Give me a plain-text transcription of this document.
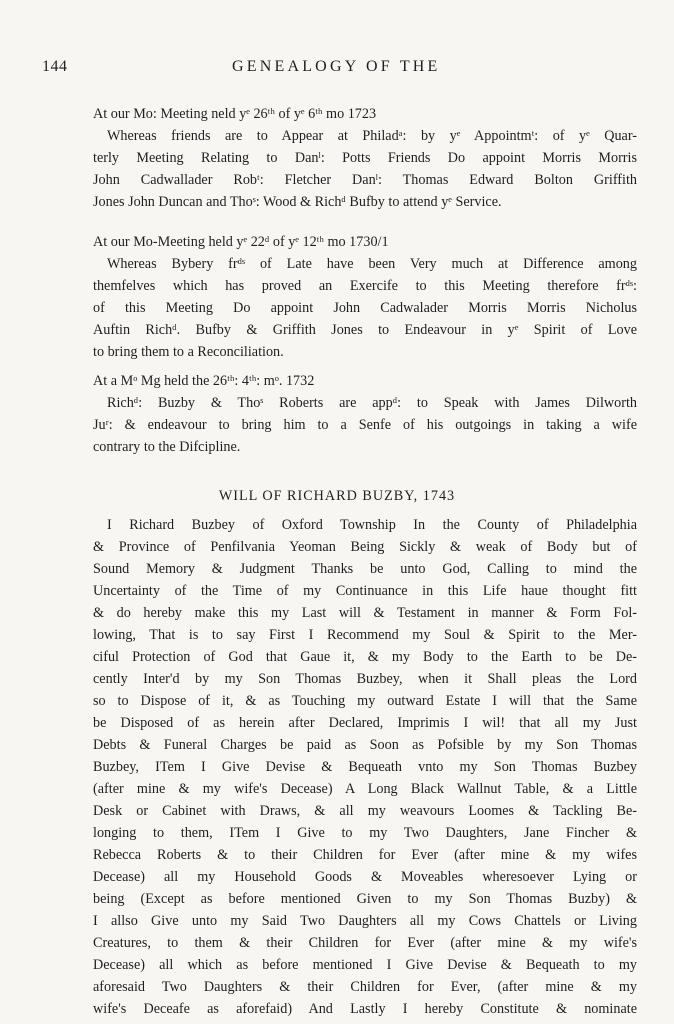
144	GENEALOGY OF THE
At our Mo: Meeting neld yᵉ 26ᵗʰ of yᵉ 6ᵗʰ mo 1723
Whereas friends are to Appear at Philadᵃ: by yᵉ Appointmᵗ: of yᵉ Quar-
terly Meeting Relating to Danˡ: Potts Friends Do appoint Morris Morris
John Cadwallader Robᵗ: Fletcher Danˡ: Thomas Edward Bolton Griffith
Jones John Duncan and Thoˢ: Wood & Richᵈ Bufby to attend yᵉ Service.
At our Mo-Meeting held yᵉ 22ᵈ of yᵉ 12ᵗʰ mo 1730/1
Whereas Bybery frᵈˢ of Late have been Very much at Difference among
themfelves which has proved an Exercife to this Meeting therefore frᵈˢ:
of this Meeting Do appoint John Cadwalader Morris Morris Nicholus
Auftin Richᵈ. Bufby & Griffith Jones to Endeavour in yᵉ Spirit of Love
to bring them to a Reconciliation.
At a Mᵒ Mg held the 26ᵗʰ: 4ᵗʰ: mᵒ. 1732
Richᵈ: Buzby & Thoˢ Roberts are appᵈ: to Speak with James Dilworth
Juʳ: & endeavour to bring him to a Senfe of his outgoings in taking a wife
contrary to the Difcipline.
WILL OF RICHARD BUZBY, 1743
I Richard Buzbey of Oxford Township In the County of Philadelphia
& Province of Penfilvania Yeoman Being Sickly & weak of Body but of
Sound Memory & Judgment Thanks be unto God, Calling to mind the
Uncertainty of the Time of my Continuance in this Life haue thought fitt
& do hereby make this my Last will & Testament in manner & Form Fol-
lowing, That is to say First I Recommend my Soul & Spirit to the Mer-
ciful Protection of God that Gaue it, & my Body to the Earth to be De-
cently Inter'd by my Son Thomas Buzbey, when it Shall pleas the Lord
so to Dispose of it, & as Touching my outward Estate I will that the Same
be Disposed of as herein after Declared, Imprimis I wil! that all my Just
Debts & Funeral Charges be paid as Soon as Pofsible by my Son Thomas
Buzbey, ITem I Give Devise & Bequeath vnto my Son Thomas Buzbey
(after mine & my wife's Decease) A Long Black Wallnut Table, & a Little
Desk or Cabinet with Draws, & all my weavours Loomes & Tackling Be-
longing to them, ITem I Give to my Two Daughters, Jane Fincher &
Rebecca Roberts & to their Children for Ever (after mine & my wifes
Decease) all my Household Goods & Moveables wheresoever Lying or
being (Except as before mentioned Given to my Son Thomas Buzby) &
I allso Give unto my Said Two Daughters all my Cows Chattels or Living
Creatures, to them & their Children for Ever (after mine & my wife's
Decease) all which as before mentioned I Give Devise & Bequeath to my
aforesaid Two Daughters & their Children for Ever, (after mine & my
wife's Deceafe as aforefaid) And Lastly I hereby Constitute & nominate
